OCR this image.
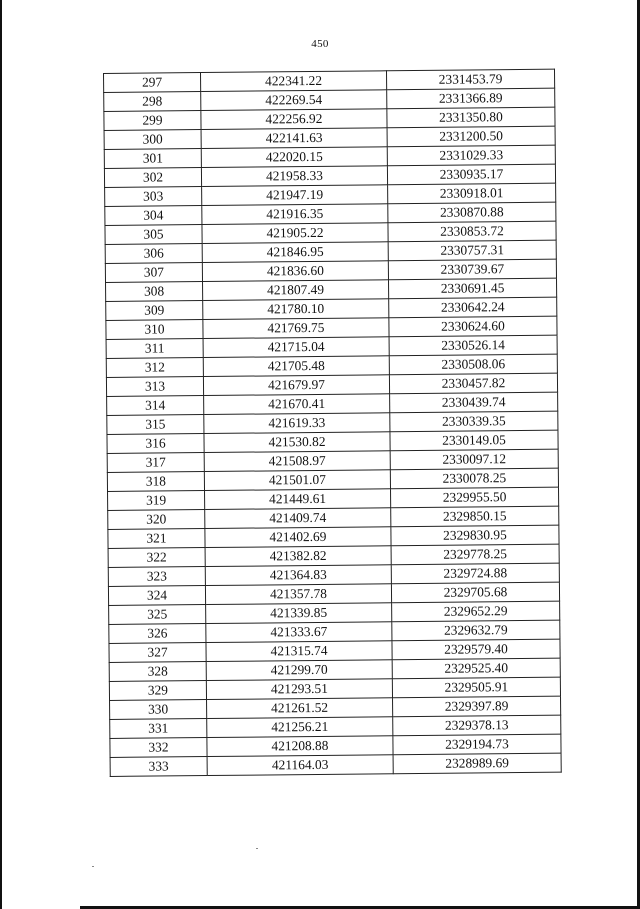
450
297	422341.22	2331453.79
298	422269.54	2331366.89
299	422256.92	2331350.80
300	422141.63	2331200.50
301	422020.15	2331029.33
302	421958.33	2330935.17
303	421947.19	2330918.01
304	421916.35	2330870.88
305	421905.22	2330853.72
306	421846.95	2330757.31
307	421836.60	2330739.67
308	421807.49	2330691.45
309	421780.10	2330642.24
310	421769.75	2330624.60
311	421715.04	2330526.14
312	421705.48	2330508.06
313	421679.97	2330457.82
314	421670.41	2330439.74
315	421619.33	2330339.35
316	421530.82	2330149.05
317	421508.97	2330097.12
318	421501.07	2330078.25
319	421449.61	2329955.50
320	421409.74	2329850.15
321	421402.69	2329830.95
322	421382.82	2329778.25
323	421364.83	2329724.88
324	421357.78	2329705.68
325	421339.85	2329652.29
326	421333.67	2329632.79
327	421315.74	2329579.40
328	421299.70	2329525.40
329	421293.51	2329505.91
330	421261.52	2329397.89
331	421256.21	2329378.13
332	421208.88	2329194.73
333	421164.03	2328989.69
